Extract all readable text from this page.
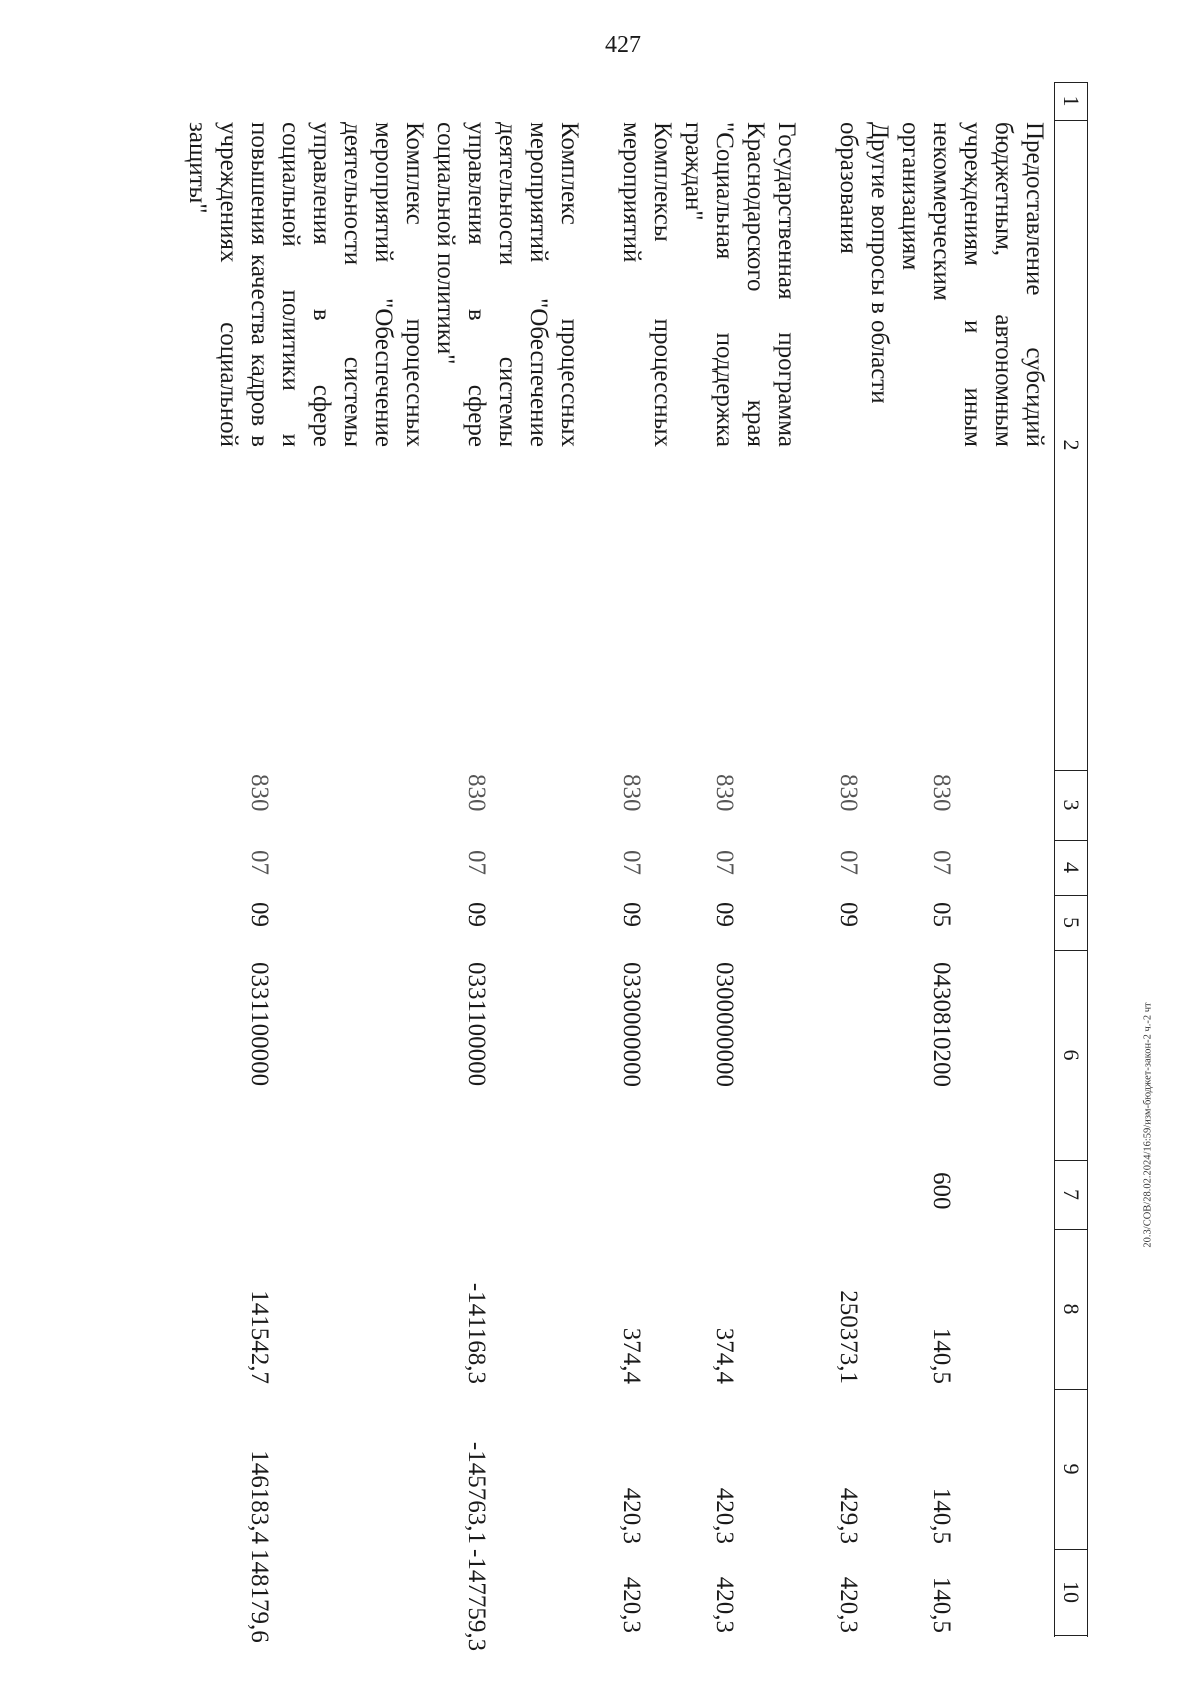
427
20.3/СОВ/28.02.2024/16:59/изм-бюджет-закон-2 ч.-2 чт
1
2
3
4
5
6
7
8
9
10
Предоставление субсидий бюджетным, автономным учреждениям и иным некоммерческим организациям
830
07
05
0430810200
600
140,5
140,5
140,5
Другие вопросы в области образования
830
07
09
250373,1
429,3
420,3
Государственная программа Краснодарского края "Социальная поддержка граждан"
830
07
09
0300000000
374,4
420,3
420,3
Комплексы процессных мероприятий
830
07
09
0330000000
374,4
420,3
420,3
Комплекс процессных мероприятий "Обеспечение деятельности системы управления в сфере социальной политики"
830
07
09
0331100000
-141168,3
-145763,1
-147759,3
Комплекс процессных мероприятий "Обеспечение деятельности системы управления в сфере социальной политики и повышения качества кадров в учреждениях социальной защиты"
830
07
09
0331100000
141542,7
146183,4
148179,6
